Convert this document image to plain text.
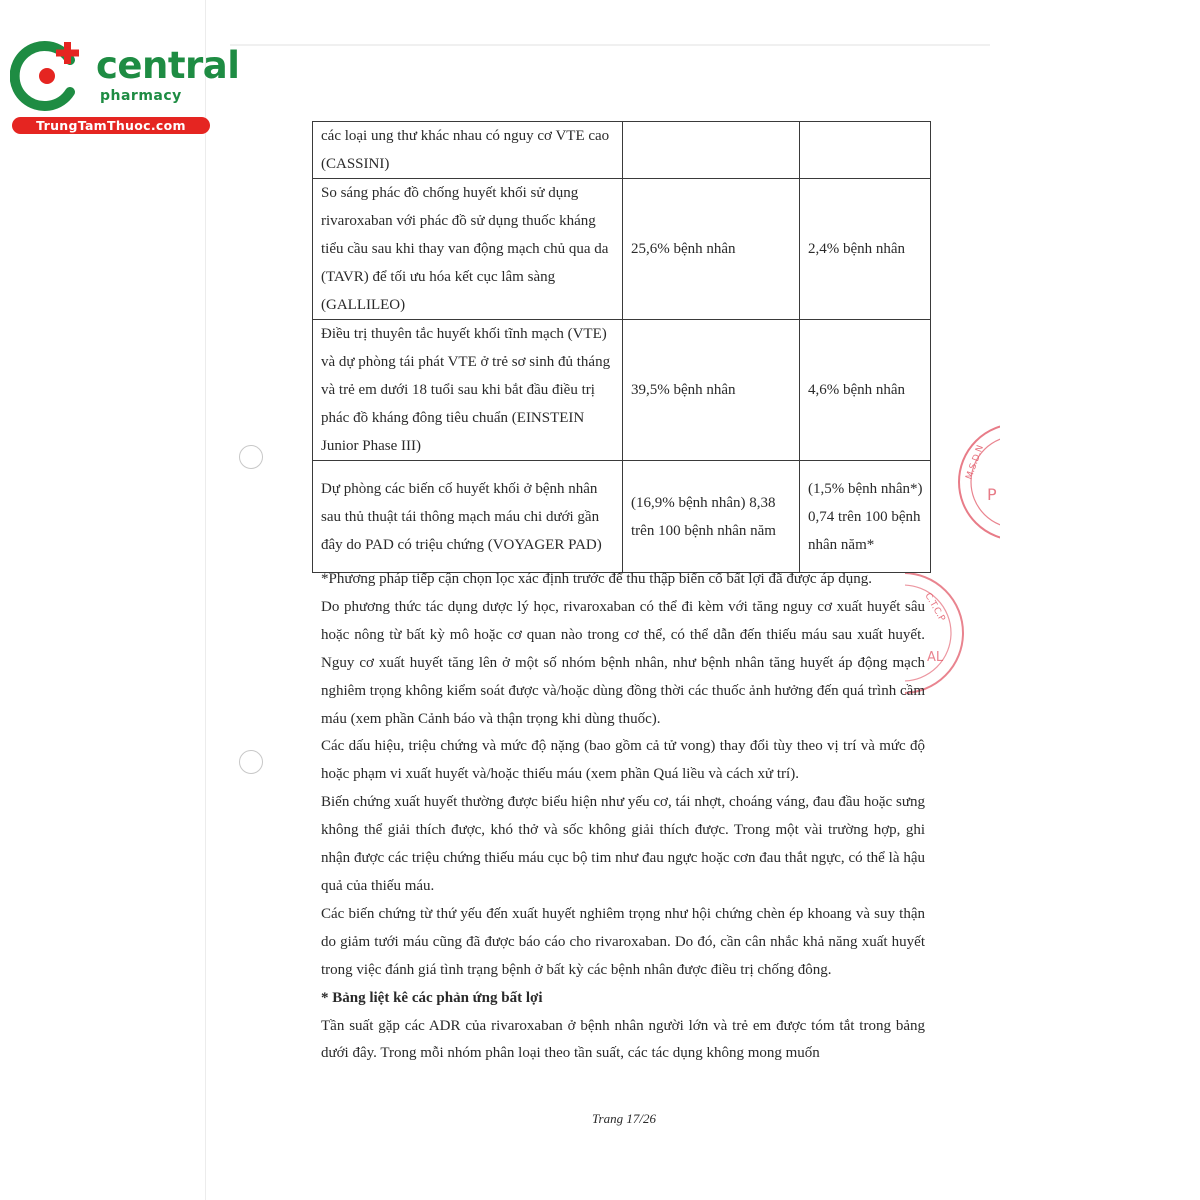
central
pharmacy
TrungTamThuoc.com
M.S.D.N
P
C.T.C.P
AL
các loại ung thư khác nhau có nguy cơ VTE cao (CASSINI)		
So sáng phác đồ chống huyết khối sử dụng rivaroxaban với phác đồ sử dụng thuốc kháng tiểu cầu sau khi thay van động mạch chủ qua da (TAVR) để tối ưu hóa kết cục lâm sàng (GALLILEO)	25,6% bệnh nhân	2,4% bệnh nhân
Điều trị thuyên tắc huyết khối tĩnh mạch (VTE) và dự phòng tái phát VTE ở trẻ sơ sinh đủ tháng và trẻ em dưới 18 tuổi sau khi bắt đầu điều trị phác đồ kháng đông tiêu chuẩn (EINSTEIN Junior Phase III)	39,5% bệnh nhân	4,6% bệnh nhân
Dự phòng các biến cố huyết khối ở bệnh nhân sau thủ thuật tái thông mạch máu chi dưới gần đây do PAD có triệu chứng (VOYAGER PAD)	(16,9% bệnh nhân) 8,38 trên 100 bệnh nhân năm	(1,5% bệnh nhân*) 0,74 trên 100 bệnh nhân năm*

*Phương pháp tiếp cận chọn lọc xác định trước để thu thập biến cố bất lợi đã được áp dụng.

Do phương thức tác dụng dược lý học, rivaroxaban có thể đi kèm với tăng nguy cơ xuất huyết sâu hoặc nông từ bất kỳ mô hoặc cơ quan nào trong cơ thể, có thể dẫn đến thiếu máu sau xuất huyết. Nguy cơ xuất huyết tăng lên ở một số nhóm bệnh nhân, như bệnh nhân tăng huyết áp động mạch nghiêm trọng không kiểm soát được và/hoặc dùng đồng thời các thuốc ảnh hưởng đến quá trình cầm máu (xem phần Cảnh báo và thận trọng khi dùng thuốc).

Các dấu hiệu, triệu chứng và mức độ nặng (bao gồm cả tử vong) thay đổi tùy theo vị trí và mức độ hoặc phạm vi xuất huyết và/hoặc thiếu máu (xem phần Quá liều và cách xử trí).

Biến chứng xuất huyết thường được biểu hiện như yếu cơ, tái nhợt, choáng váng, đau đầu hoặc sưng không thể giải thích được, khó thở và sốc không giải thích được. Trong một vài trường hợp, ghi nhận được các triệu chứng thiếu máu cục bộ tim như đau ngực hoặc cơn đau thắt ngực, có thể là hậu quả của thiếu máu.

Các biến chứng từ thứ yếu đến xuất huyết nghiêm trọng như hội chứng chèn ép khoang và suy thận do giảm tưới máu cũng đã được báo cáo cho rivaroxaban. Do đó, cần cân nhắc khả năng xuất huyết trong việc đánh giá tình trạng bệnh ở bất kỳ các bệnh nhân được điều trị chống đông.

* Bảng liệt kê các phản ứng bất lợi

Tần suất gặp các ADR của rivaroxaban ở bệnh nhân người lớn và trẻ em được tóm tắt trong bảng dưới đây. Trong mỗi nhóm phân loại theo tần suất, các tác dụng không mong muốn

Trang 17/26
